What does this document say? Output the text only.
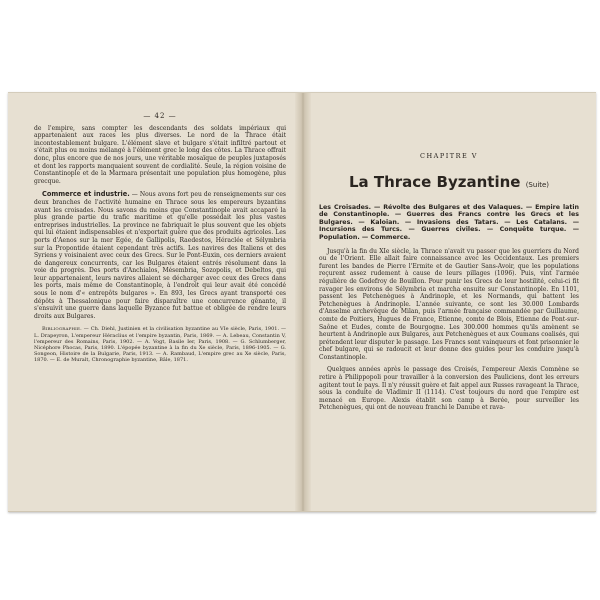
— 42 —

de l'empire, sans compter les descendants des soldats impériaux qui appartenaient aux races les plus diverses. Le nord de la Thrace était incontestablement bulgare. L'élément slave et bulgare s'était infiltré partout et s'était plus ou moins mélangé à l'élément grec le long des côtes. La Thrace offrait donc, plus encore que de nos jours, une véritable mosaïque de peuples juxtaposés et dont les rapports manquaient souvent de cordialité. Seule, la région voisine de Constantinople et de la Marmara présentait une population plus homogène, plus grecque.

Commerce et industrie. — Nous avons fort peu de renseignements sur ces deux branches de l'activité humaine en Thrace sous les empereurs byzantins avant les croisades. Nous savons du moins que Constantinople avait accaparé la plus grande partie du trafic maritime et qu'elle possédait les plus vastes entreprises industrielles. La province ne fabriquait le plus souvent que les objets qui lui étaient indispensables et n'exportait guère que des produits agricoles. Les ports d'Aenos sur la mer Egée, de Gallipolis, Raedestos, Héraclée et Sélymbria sur la Propontide étaient cependant très actifs. Les navires des Italiens et des Syriens y voisinaient avec ceux des Grecs. Sur le Pont-Euxin, ces derniers avaient de dangereux concurrents, car les Bulgares étaient entrés résolument dans la voie du progrès. Des ports d'Anchialos, Mésembria, Sozopolis, et Debeltos, qui leur appartenaient, leurs navires allaient se décharger avec ceux des Grecs dans les ports, mais même de Constantinople, à l'endroit qui leur avait été concédé sous le nom d'« entrepôts bulgares ». En 893, les Grecs ayant transporté ces dépôts à Thessalonique pour faire disparaître une concurrence gênante, il s'ensuivit une guerre dans laquelle Byzance fut battue et obligée de rendre leurs droits aux Bulgares.

Bibliographie. — Ch. Diehl, Justinien et la civilisation byzantine au VIe siècle, Paris, 1901. — L. Drapeyron, L'empereur Héraclius et l'empire byzantin, Paris, 1869. — A. Lebeau, Constantin V, l'empereur des Romains, Paris, 1902. — A. Vogt, Basile Ier, Paris, 1908. — G. Schlumberger, Nicéphore Phocas, Paris, 1890. L'épopée byzantine à la fin du Xe siècle, Paris, 1896-1905. — G. Songeon, Histoire de la Bulgarie, Paris, 1913. — A. Rambaud, L'empire grec au Xe siècle, Paris, 1870. — E. de Muralt, Chronographie byzantine, Bâle, 1871.

CHAPITRE V
La Thrace Byzantine (Suite)

Les Croisades. — Révolte des Bulgares et des Valaques. — Empire latin de Constantinople. — Guerres des Francs contre les Grecs et les Bulgares. — Kaloian. — Invasions des Tatars. — Les Catalans. — Incursions des Turcs. — Guerres civiles. — Conquête turque. — Population. — Commerce.

Jusqu'à la fin du XIe siècle, la Thrace n'avait vu passer que les guerriers du Nord ou de l'Orient. Elle allait faire connaissance avec les Occidentaux. Les premiers furent les bandes de Pierre l'Ermite et de Gautier Sans-Avoir, que les populations reçurent assez rudement à cause de leurs pillages (1096). Puis, vint l'armée régulière de Godefroy de Bouillon. Pour punir les Grecs de leur hostilité, celui-ci fit ravager les environs de Sélymbria et marcha ensuite sur Constantinople. En 1101, passent les Petchenègues à Andrinople, et les Normands, qui battent les Petchenègues à Andrinople. L'année suivante, ce sont les 30.000 Lombards d'Anselme archevêque de Milan, puis l'armée française commandée par Guillaume, comte de Poitiers, Hugues de France, Etienne, comte de Blois, Etienne de Pont-sur-Saône et Eudes, comte de Bourgogne. Les 300.000 hommes qu'ils amènent se heurtent à Andrinople aux Bulgares, aux Petchenègues et aux Coumans coalisés, qui prétendent leur disputer le passage. Les Francs sont vainqueurs et font prisonnier le chef bulgare, qui se radoucit et leur donne des guides pour les conduire jusqu'à Constantinople.

Quelques années après le passage des Croisés, l'empereur Alexis Comnène se retire à Philippopoli pour travailler à la conversion des Pauliciens, dont les erreurs agitent tout le pays. Il n'y réussit guère et fait appel aux Russes ravageant la Thrace, sous la conduite de Vladimir II (1114). C'est toujours du nord que l'empire est menacé en Europe. Alexis établit son camp à Berée, pour surveiller les Petchenègues, qui ont de nouveau franchi le Danube et rava-
